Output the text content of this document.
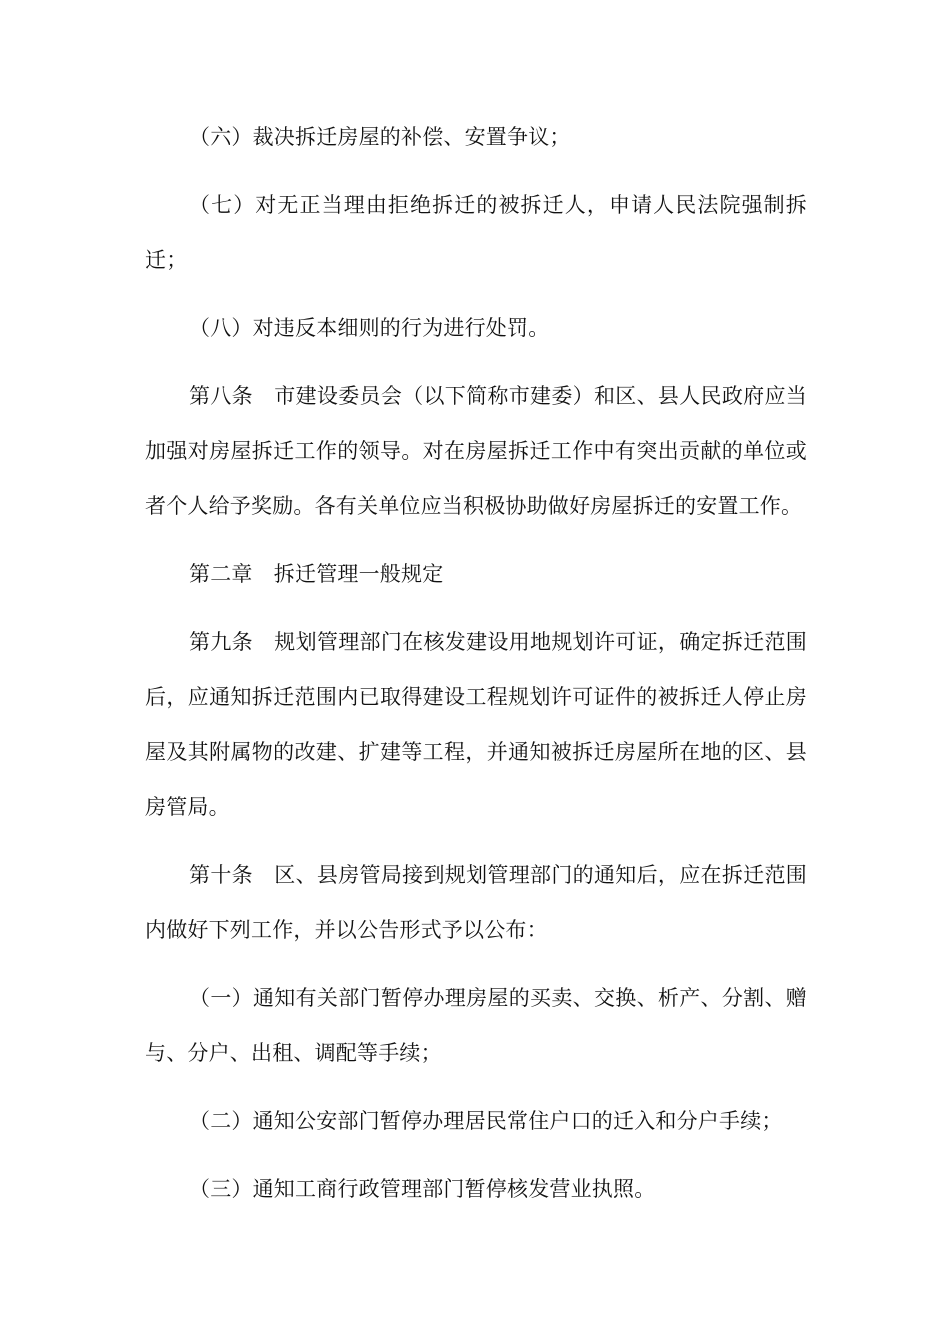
（六）裁决拆迁房屋的补偿、安置争议；

（七）对无正当理由拒绝拆迁的被拆迁人，申请人民法院强制拆迁；

（八）对违反本细则的行为进行处罚。

第八条　市建设委员会（以下简称市建委）和区、县人民政府应当加强对房屋拆迁工作的领导。对在房屋拆迁工作中有突出贡献的单位或者个人给予奖励。各有关单位应当积极协助做好房屋拆迁的安置工作。

第二章　拆迁管理一般规定

第九条　规划管理部门在核发建设用地规划许可证，确定拆迁范围后，应通知拆迁范围内已取得建设工程规划许可证件的被拆迁人停止房屋及其附属物的改建、扩建等工程，并通知被拆迁房屋所在地的区、县房管局。

第十条　区、县房管局接到规划管理部门的通知后，应在拆迁范围内做好下列工作，并以公告形式予以公布：

（一）通知有关部门暂停办理房屋的买卖、交换、析产、分割、赠与、分户、出租、调配等手续；

（二）通知公安部门暂停办理居民常住户口的迁入和分户手续；

（三）通知工商行政管理部门暂停核发营业执照。
